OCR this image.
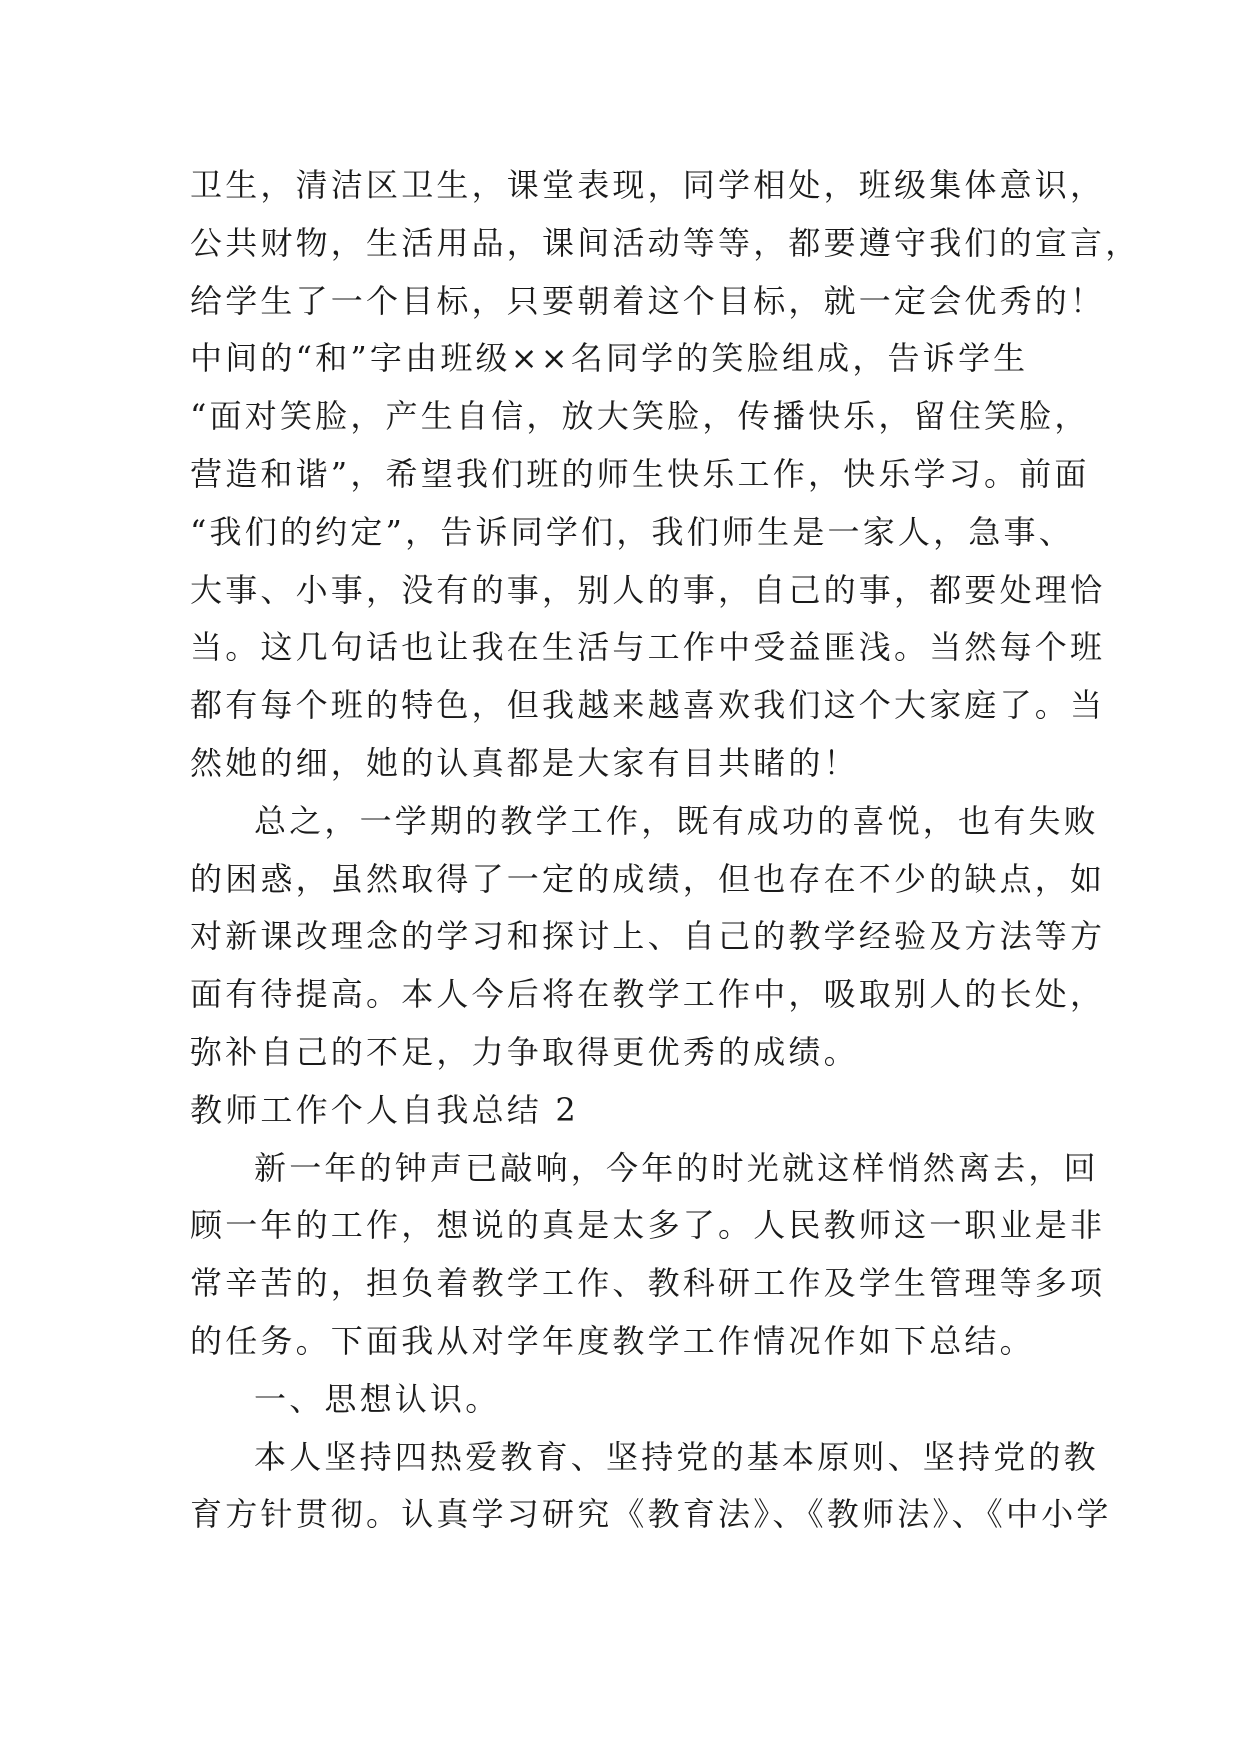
卫生，清洁区卫生，课堂表现，同学相处，班级集体意识，
公共财物，生活用品，课间活动等等，都要遵守我们的宣言，
给学生了一个目标，只要朝着这个目标，就一定会优秀的！
中间的“和”字由班级××名同学的笑脸组成，告诉学生
“面对笑脸，产生自信，放大笑脸，传播快乐，留住笑脸，
营造和谐”，希望我们班的师生快乐工作，快乐学习。前面
“我们的约定”，告诉同学们，我们师生是一家人，急事、
大事、小事，没有的事，别人的事，自己的事，都要处理恰
当。这几句话也让我在生活与工作中受益匪浅。当然每个班
都有每个班的特色，但我越来越喜欢我们这个大家庭了。当
然她的细，她的认真都是大家有目共睹的！
总之，一学期的教学工作，既有成功的喜悦，也有失败
的困惑，虽然取得了一定的成绩，但也存在不少的缺点，如
对新课改理念的学习和探讨上、自己的教学经验及方法等方
面有待提高。本人今后将在教学工作中，吸取别人的长处，
弥补自己的不足，力争取得更优秀的成绩。
教师工作个人自我总结 2
新一年的钟声已敲响，今年的时光就这样悄然离去，回
顾一年的工作，想说的真是太多了。人民教师这一职业是非
常辛苦的，担负着教学工作、教科研工作及学生管理等多项
的任务。下面我从对学年度教学工作情况作如下总结。
一、思想认识。
本人坚持四热爱教育、坚持党的基本原则、坚持党的教
育方针贯彻。认真学习研究《教育法》、《教师法》、《中小学
